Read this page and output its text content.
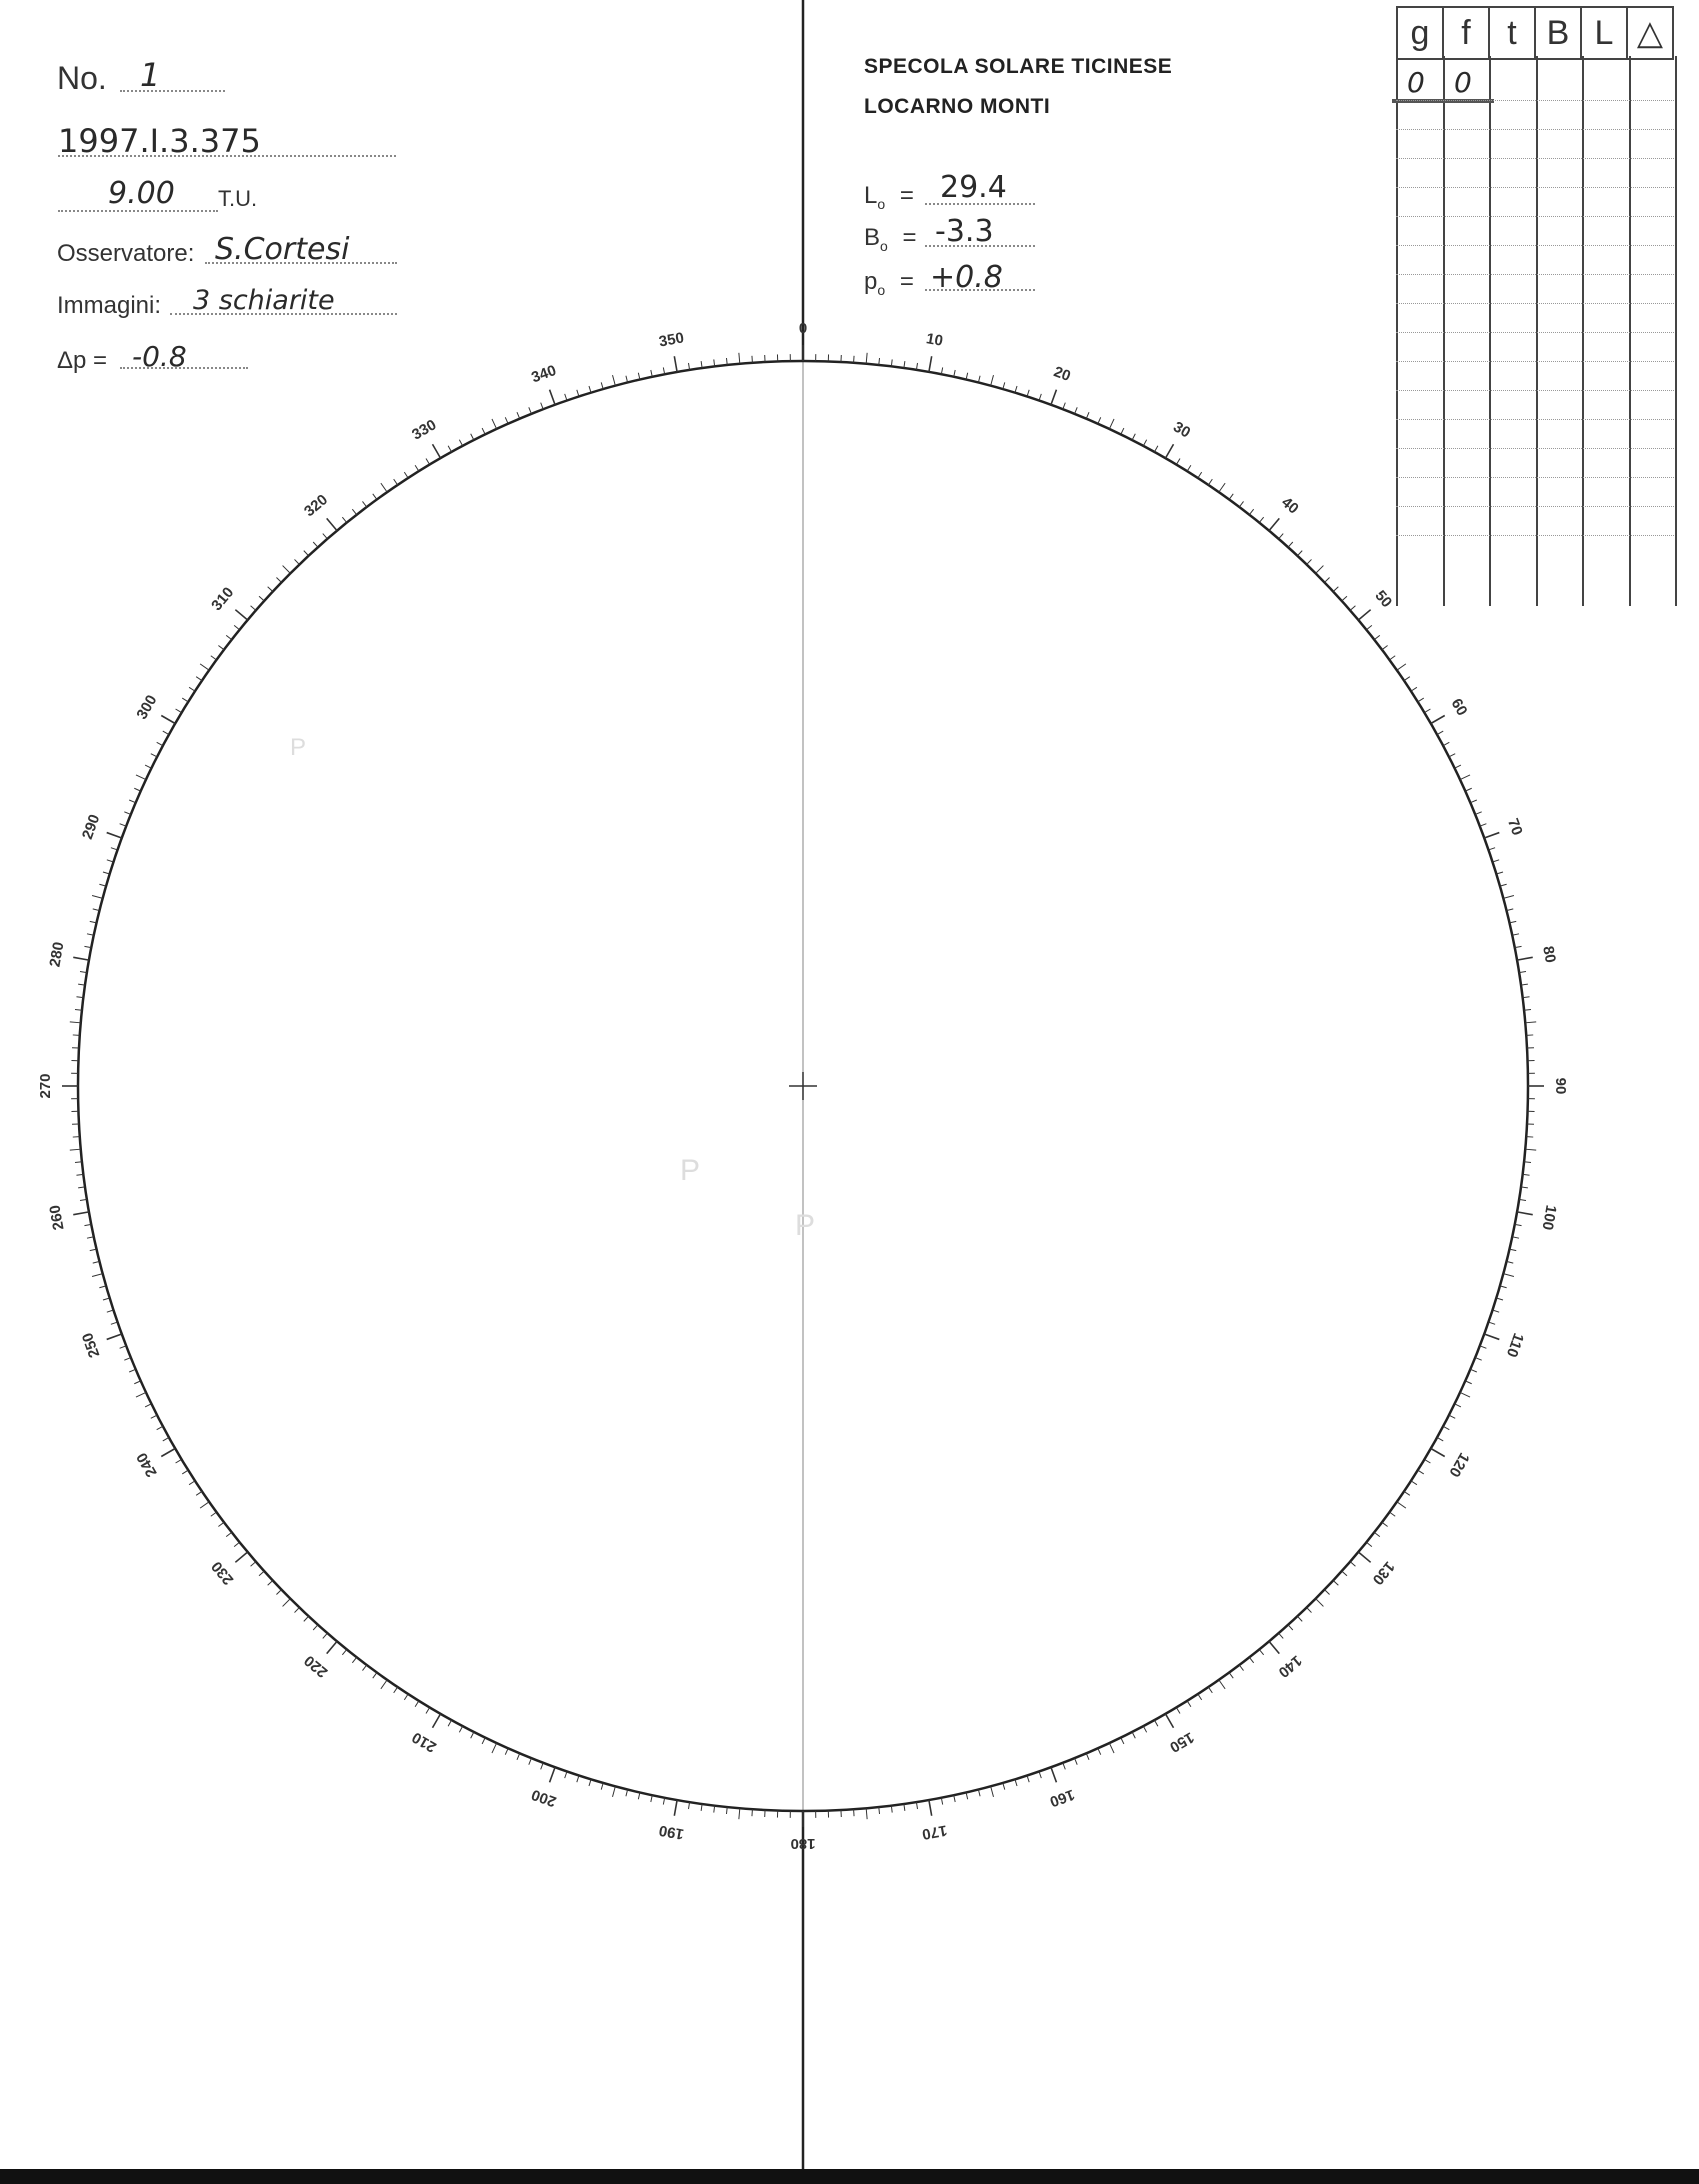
No. 1
1997.I.3.375
9.00 T.U.
Osservatore: S.Cortesi
Immagini: 3 schiarite
Δp = -0.8
SPECOLA SOLARE TICINESE
LOCARNO MONTI
$L_o = 29.4$
$B_o = -3.3$
$p_o = +0.8$
g	f	t	B	L	△
0 0
0
10
20
30
40
50
60
70
80
90
100
110
120
130
140
150
160
170
180
190
200
210
220
230
240
250
260
270
280
290
300
310
320
330
340
350
P
P
P
